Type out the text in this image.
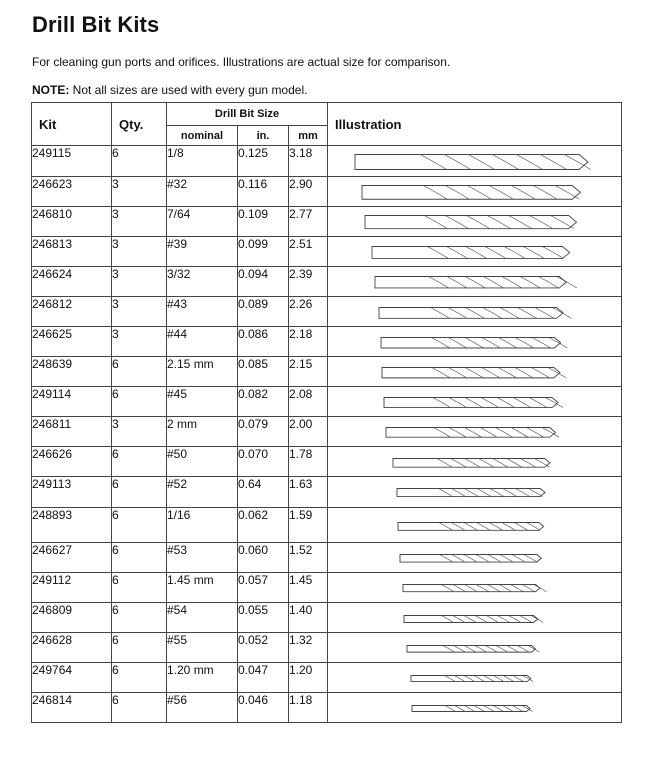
Drill Bit Kits
For cleaning gun ports and orifices. Illustrations are actual size for comparison.
NOTE: Not all sizes are used with every gun model.
Kit	Qty.	Drill Bit Size			Illustration
		nominal	in.	mm	
249115	6	1/8	0.125	3.18	

246623	3	#32	0.116	2.90	

246810	3	7/64	0.109	2.77	

246813	3	#39	0.099	2.51	

246624	3	3/32	0.094	2.39	

246812	3	#43	0.089	2.26	

246625	3	#44	0.086	2.18	

248639	6	2.15 mm	0.085	2.15	

249114	6	#45	0.082	2.08	

246811	3	2 mm	0.079	2.00	

246626	6	#50	0.070	1.78	

249113	6	#52	0.64	1.63	

248893	6	1/16	0.062	1.59	

246627	6	#53	0.060	1.52	

249112	6	1.45 mm	0.057	1.45	

246809	6	#54	0.055	1.40	

246628	6	#55	0.052	1.32	

249764	6	1.20 mm	0.047	1.20	

246814	6	#56	0.046	1.18	
